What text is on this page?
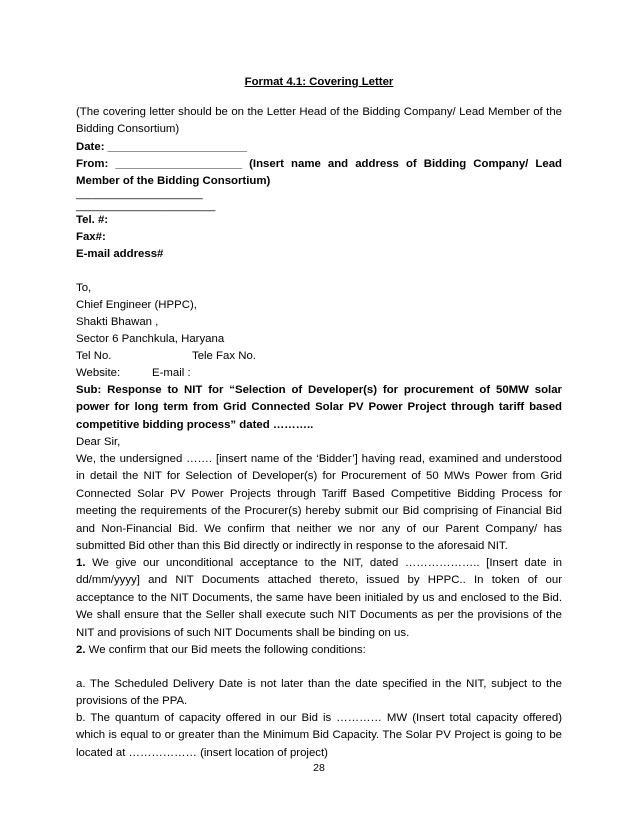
Format 4.1: Covering Letter
(The covering letter should be on the Letter Head of the Bidding Company/ Lead Member of the Bidding Consortium)
Date: ______________________
From: ____________________ (Insert name and address of Bidding Company/ Lead Member of the Bidding Consortium)
____________________
______________________
Tel. #:
Fax#:
E-mail address#
To,
Chief Engineer (HPPC),
Shakti Bhawan ,
Sector 6 Panchkula, Haryana
Tel No.	Tele Fax No.
Website:	E-mail :
Sub: Response to NIT for “Selection of Developer(s) for procurement of 50MW solar power for long term from Grid Connected Solar PV Power Project through tariff based competitive bidding process” dated ………..
Dear Sir,
We, the undersigned ……. [insert name of the ‘Bidder’] having read, examined and understood in detail the NIT for Selection of Developer(s) for Procurement of 50 MWs Power from Grid Connected Solar PV Power Projects through Tariff Based Competitive Bidding Process for meeting the requirements of the Procurer(s) hereby submit our Bid comprising of Financial Bid and Non-Financial Bid. We confirm that neither we nor any of our Parent Company/ has submitted Bid other than this Bid directly or indirectly in response to the aforesaid NIT.
1. We give our unconditional acceptance to the NIT, dated ……………….. [Insert date in dd/mm/yyyy] and NIT Documents attached thereto, issued by HPPC.. In token of our acceptance to the NIT Documents, the same have been initialed by us and enclosed to the Bid. We shall ensure that the Seller shall execute such NIT Documents as per the provisions of the NIT and provisions of such NIT Documents shall be binding on us.
2. We confirm that our Bid meets the following conditions:
a. The Scheduled Delivery Date is not later than the date specified in the NIT, subject to the provisions of the PPA.
b. The quantum of capacity offered in our Bid is ………… MW (Insert total capacity offered) which is equal to or greater than the Minimum Bid Capacity. The Solar PV Project is going to be located at ……………… (insert location of project)
28
